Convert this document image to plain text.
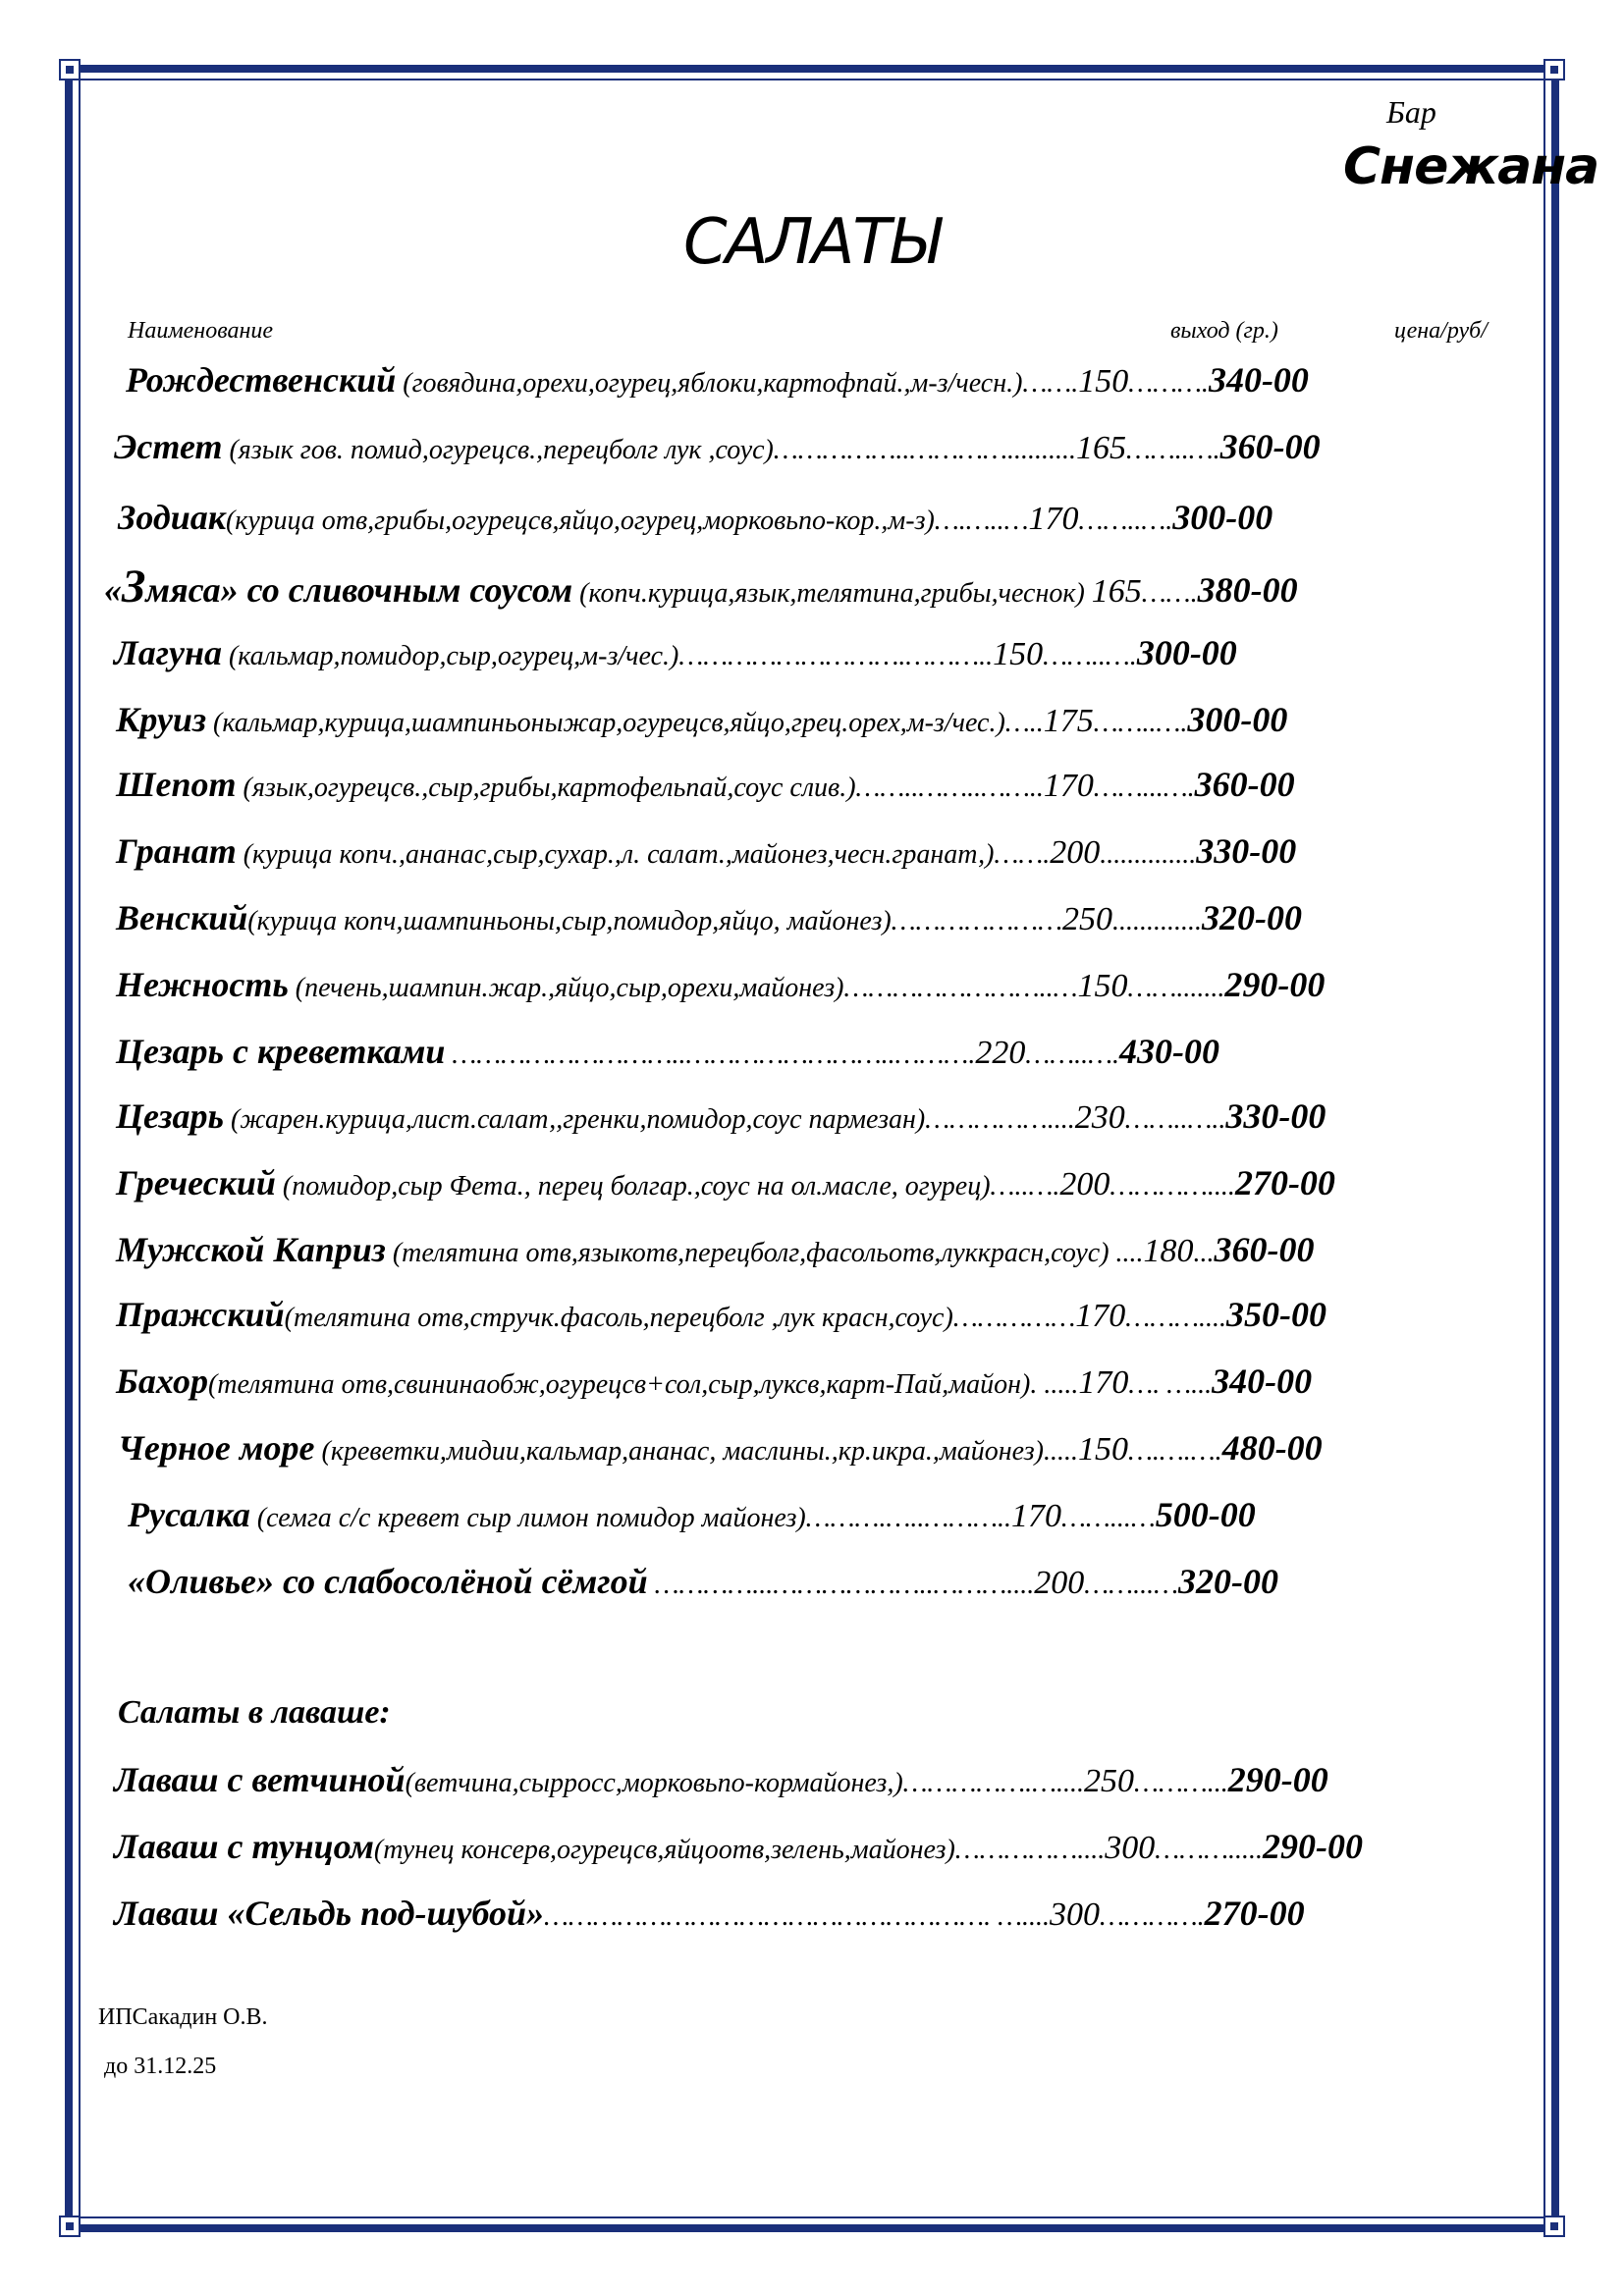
Бар
Снежана
САЛАТЫ
Наименование	выход (гр.)	цена/руб/
Рождественский (говядина,орехи,огурец,яблоки,картофпай.,м-з/чесн.)…….150……….340-00
Эстет (язык гов. помид,огурецсв.,перецболг лук ,соус)……………..…………..........165……..….360-00
Зодиак(курица отв,грибы,огурецсв,яйцо,огурец,морковьпо-кор.,м-з)….…..…170……..….300-00
«Змяса» со сливочным соусом (копч.курица,язык,телятина,грибы,чеснок) 165…….380-00
Лагуна (кальмар,помидор,сыр,огурец,м-з/чес.)……………………….………..150……..….300-00
Круиз (кальмар,курица,шампиньоныжар,огурецсв,яйцо,грец.орех,м-з/чес.)…..175……..….300-00
Шепот (язык,огурецсв.,сыр,грибы,картофельпай,соус слив.)……..……..……..170……...….360-00
Гранат (курица копч.,ананас,сыр,сухар.,л. салат.,майонез,чесн.гранат,)…….200..............330-00
Венский(курица копч,шампиньоны,сыр,помидор,яйцо, майонез)…………………250.............320-00
Нежность (печень,шампин.жар.,яйцо,сыр,орехи,майонез)……………………..…150…….......290-00
Цезарь с креветками ………………………..……………………..……….220……..….430-00
Цезарь (жарен.курица,лист.салат,,гренки,помидор,соус пармезан)……………....230……..…..330-00
Греческий (помидор,сыр Фета., перец болгар.,соус на ол.масле, огурец)…..….200…………....270-00
Мужской Каприз (телятина отв,языкотв,перецболг,фасольотв,луккрасн,соус) ....180...360-00
Пражский(телятина отв,стручк.фасоль,перецболг ,лук красн,соус)……………170………....350-00
Бахор(телятина отв,свининаобж,огурецсв+сол,сыр,луксв,карт-Пай,майон). .....170…. …...340-00
Черное море (креветки,мидии,кальмар,ананас, маслины.,кр.икра.,майонез).....150….….….480-00
Русалка (семга с/с кревет сыр лимон помидор майонез)……….…..………..170……...…500-00
«Оливье» со слабосолёной сёмгой …………...………………..………....200……...…320-00
Салаты в лаваше:
Лаваш с ветчиной(ветчина,сырросс,морковьпо-кормайонез,)…………….…....250………...290-00
Лаваш с тунцом(тунец консерв,огурецсв,яйцоотв,зелень,майонез)……………....300……….....290-00
Лаваш «Сельдь под-шубой»………………………………………………. …....300………….270-00
ИПСакадин О.В.
до 31.12.25
